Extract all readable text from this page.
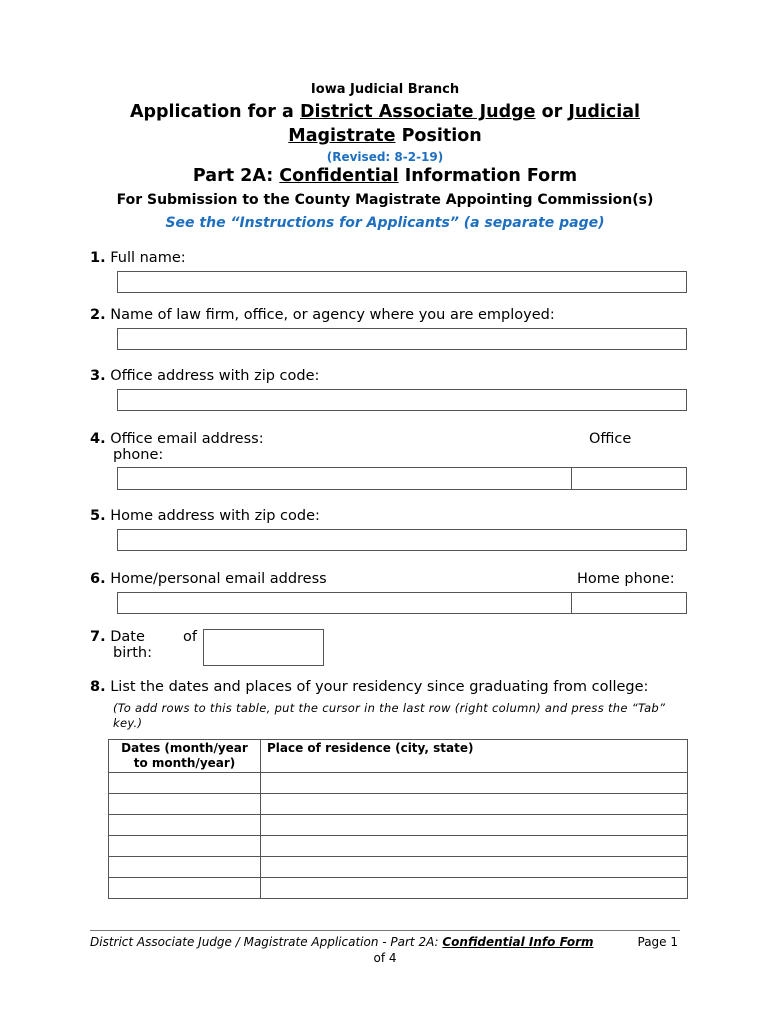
Iowa Judicial Branch
Application for a District Associate Judge or Judicial
Magistrate Position
(Revised: 8-2-19)
Part 2A: Confidential Information Form
For Submission to the County Magistrate Appointing Commission(s)
See the “Instructions for Applicants” (a separate page)
1. Full name:
2. Name of law firm, office, or agency where you are employed:
3. Office address with zip code:
4. Office email address:	Office
phone:
5. Home address with zip code:
6. Home/personal email address	Home phone:
7. Date	of
birth:
8. List the dates and places of your residency since graduating from college:
(To add rows to this table, put the cursor in the last row (right column) and press the “Tab” key.)
Dates (month/year
to month/year)	Place of residence (city, state)

District Associate Judge / Magistrate Application - Part 2A: Confidential Info Form	Page 1
of 4
